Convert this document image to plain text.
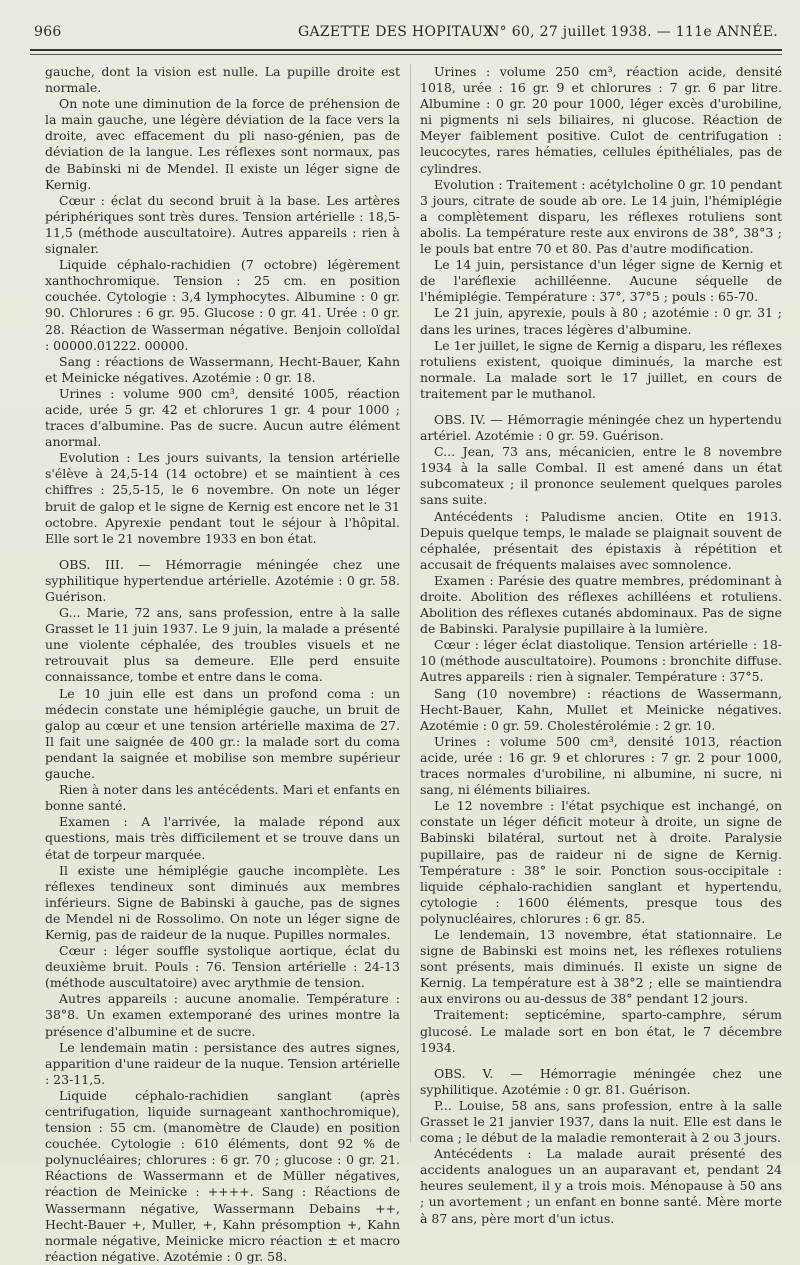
966	GAZETTE DES HOPITAUX
N° 60, 27 juillet 1938. — 111e ANNÉE.

gauche, dont la vision est nulle. La pupille droite est normale.

On note une diminution de la force de préhension de la main gauche, une légère déviation de la face vers la droite, avec effacement du pli naso-génien, pas de déviation de la langue. Les réflexes sont normaux, pas de Babinski ni de Mendel. Il existe un léger signe de Kernig.

Cœur : éclat du second bruit à la base. Les artères périphériques sont très dures. Tension artérielle : 18,5-11,5 (méthode auscultatoire). Autres appareils : rien à signaler.

Liquide céphalo-rachidien (7 octobre) légèrement xanthochromique. Tension : 25 cm. en position couchée. Cytologie : 3,4 lymphocytes. Albumine : 0 gr. 90. Chlorures : 6 gr. 95. Glucose : 0 gr. 41. Urée : 0 gr. 28. Réaction de Wasserman négative. Benjoin colloïdal : 00000.01222. 00000.

Sang : réactions de Wassermann, Hecht-Bauer, Kahn et Meinicke négatives. Azotémie : 0 gr. 18.

Urines : volume 900 cm³, densité 1005, réaction acide, urée 5 gr. 42 et chlorures 1 gr. 4 pour 1000 ; traces d'albumine. Pas de sucre. Aucun autre élément anormal.

Evolution : Les jours suivants, la tension artérielle s'élève à 24,5-14 (14 octobre) et se maintient à ces chiffres : 25,5-15, le 6 novembre. On note un léger bruit de galop et le signe de Kernig est encore net le 31 octobre. Apyrexie pendant tout le séjour à l'hôpital. Elle sort le 21 novembre 1933 en bon état.

OBS. III. — Hémorragie méningée chez une syphilitique hypertendue artérielle. Azotémie : 0 gr. 58. Guérison.

G... Marie, 72 ans, sans profession, entre à la salle Grasset le 11 juin 1937. Le 9 juin, la malade a présenté une violente céphalée, des troubles visuels et ne retrouvait plus sa demeure. Elle perd ensuite connaissance, tombe et entre dans le coma.

Le 10 juin elle est dans un profond coma : un médecin constate une hémiplégie gauche, un bruit de galop au cœur et une tension artérielle maxima de 27. Il fait une saignée de 400 gr.: la malade sort du coma pendant la saignée et mobilise son membre supérieur gauche.

Rien à noter dans les antécédents. Mari et enfants en bonne santé.

Examen : A l'arrivée, la malade répond aux questions, mais très difficilement et se trouve dans un état de torpeur marquée.

Il existe une hémiplégie gauche incomplète. Les réflexes tendineux sont diminués aux membres inférieurs. Signe de Babinski à gauche, pas de signes de Mendel ni de Rossolimo. On note un léger signe de Kernig, pas de raideur de la nuque. Pupilles normales.

Cœur : léger souffle systolique aortique, éclat du deuxième bruit. Pouls : 76. Tension artérielle : 24-13 (méthode auscultatoire) avec arythmie de tension.

Autres appareils : aucune anomalie. Température : 38°8. Un examen extemporané des urines montre la présence d'albumine et de sucre.

Le lendemain matin : persistance des autres signes, apparition d'une raideur de la nuque. Tension artérielle : 23-11,5.

Liquide céphalo-rachidien sanglant (après centrifugation, liquide surnageant xanthochromique), tension : 55 cm. (manomètre de Claude) en position couchée. Cytologie : 610 éléments, dont 92 % de polynucléaires; chlorures : 6 gr. 70 ; glucose : 0 gr. 21. Réactions de Wassermann et de Müller négatives, réaction de Meinicke : ++++. Sang : Réactions de Wassermann négative, Wassermann Debains ++, Hecht-Bauer +, Muller, +, Kahn présomption +, Kahn normale négative, Meinicke micro réaction ± et macro réaction négative. Azotémie : 0 gr. 58.

Urines : volume 250 cm³, réaction acide, densité 1018, urée : 16 gr. 9 et chlorures : 7 gr. 6 par litre. Albumine : 0 gr. 20 pour 1000, léger excès d'urobiline, ni pigments ni sels biliaires, ni glucose. Réaction de Meyer faiblement positive. Culot de centrifugation : leucocytes, rares hématies, cellules épithéliales, pas de cylindres.

Evolution : Traitement : acétylcholine 0 gr. 10 pendant 3 jours, citrate de soude ab ore. Le 14 juin, l'hémiplégie a complètement disparu, les réflexes rotuliens sont abolis. La température reste aux environs de 38°, 38°3 ; le pouls bat entre 70 et 80. Pas d'autre modification.

Le 14 juin, persistance d'un léger signe de Kernig et de l'aréflexie achilléenne. Aucune séquelle de l'hémiplégie. Température : 37°, 37°5 ; pouls : 65-70.

Le 21 juin, apyrexie, pouls à 80 ; azotémie : 0 gr. 31 ; dans les urines, traces légères d'albumine.

Le 1er juillet, le signe de Kernig a disparu, les réflexes rotuliens existent, quoique diminués, la marche est normale. La malade sort le 17 juillet, en cours de traitement par le muthanol.

OBS. IV. — Hémorragie méningée chez un hypertendu artériel. Azotémie : 0 gr. 59. Guérison.

C... Jean, 73 ans, mécanicien, entre le 8 novembre 1934 à la salle Combal. Il est amené dans un état subcomateux ; il prononce seulement quelques paroles sans suite.

Antécédents : Paludisme ancien. Otite en 1913. Depuis quelque temps, le malade se plaignait souvent de céphalée, présentait des épistaxis à répétition et accusait de fréquents malaises avec somnolence.

Examen : Parésie des quatre membres, prédominant à droite. Abolition des réflexes achilléens et rotuliens. Abolition des réflexes cutanés abdominaux. Pas de signe de Babinski. Paralysie pupillaire à la lumière.

Cœur : léger éclat diastolique. Tension artérielle : 18-10 (méthode auscultatoire). Poumons : bronchite diffuse. Autres appareils : rien à signaler. Température : 37°5.

Sang (10 novembre) : réactions de Wassermann, Hecht-Bauer, Kahn, Mullet et Meinicke négatives. Azotémie : 0 gr. 59. Cholestérolémie : 2 gr. 10.

Urines : volume 500 cm³, densité 1013, réaction acide, urée : 16 gr. 9 et chlorures : 7 gr. 2 pour 1000, traces normales d'urobiline, ni albumine, ni sucre, ni sang, ni éléments biliaires.

Le 12 novembre : l'état psychique est inchangé, on constate un léger déficit moteur à droite, un signe de Babinski bilatéral, surtout net à droite. Paralysie pupillaire, pas de raideur ni de signe de Kernig. Température : 38° le soir. Ponction sous-occipitale : liquide céphalo-rachidien sanglant et hypertendu, cytologie : 1600 éléments, presque tous des polynucléaires, chlorures : 6 gr. 85.

Le lendemain, 13 novembre, état stationnaire. Le signe de Babinski est moins net, les réflexes rotuliens sont présents, mais diminués. Il existe un signe de Kernig. La température est à 38°2 ; elle se maintiendra aux environs ou au-dessus de 38° pendant 12 jours.

Traitement: septicémine, sparto-camphre, sérum glucosé. Le malade sort en bon état, le 7 décembre 1934.

OBS. V. — Hémorragie méningée chez une syphilitique. Azotémie : 0 gr. 81. Guérison.

P... Louise, 58 ans, sans profession, entre à la salle Grasset le 21 janvier 1937, dans la nuit. Elle est dans le coma ; le début de la maladie remonterait à 2 ou 3 jours.

Antécédents : La malade aurait présenté des accidents analogues un an auparavant et, pendant 24 heures seulement, il y a trois mois. Ménopause à 50 ans ; un avortement ; un enfant en bonne santé. Mère morte à 87 ans, père mort d'un ictus.
